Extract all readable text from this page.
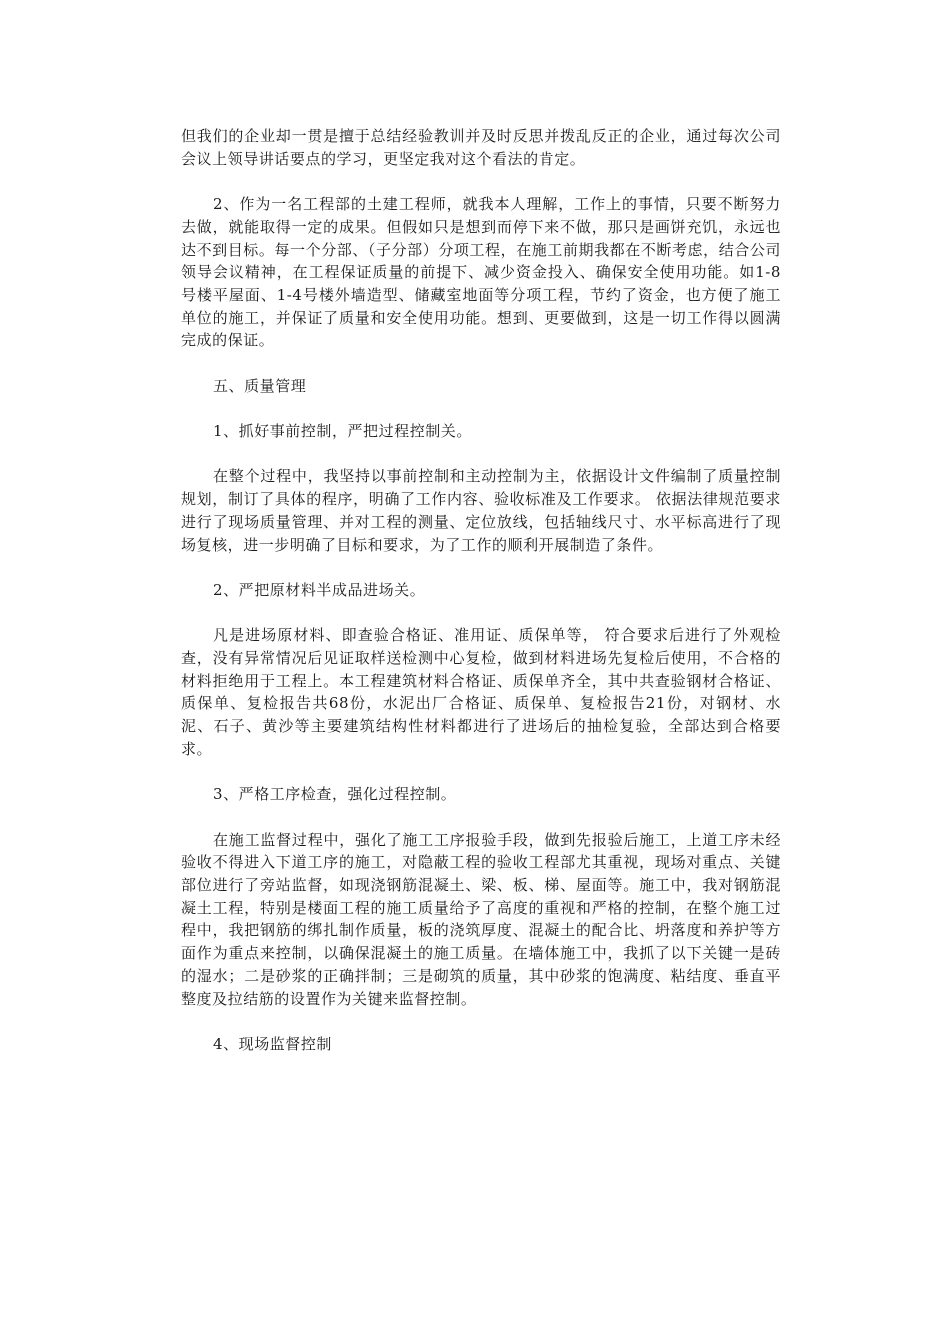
但我们的企业却一贯是擅于总结经验教训并及时反思并拨乱反正的企业，通过每次公司会议上领导讲话要点的学习，更坚定我对这个看法的肯定。

2、作为一名工程部的土建工程师，就我本人理解，工作上的事情，只要不断努力去做，就能取得一定的成果。但假如只是想到而停下来不做，那只是画饼充饥，永远也达不到目标。每一个分部、（子分部）分项工程，在施工前期我都在不断考虑，结合公司领导会议精神，在工程保证质量的前提下、减少资金投入、确保安全使用功能。如1-8号楼平屋面、1-4号楼外墙造型、储藏室地面等分项工程，节约了资金，也方便了施工单位的施工，并保证了质量和安全使用功能。想到、更要做到，这是一切工作得以圆满完成的保证。

五、质量管理

1、抓好事前控制，严把过程控制关。

在整个过程中，我坚持以事前控制和主动控制为主，依据设计文件编制了质量控制规划，制订了具体的程序，明确了工作内容、验收标准及工作要求。 依据法律规范要求进行了现场质量管理、并对工程的测量、定位放线，包括轴线尺寸、水平标高进行了现场复核，进一步明确了目标和要求，为了工作的顺利开展制造了条件。

2、严把原材料半成品进场关。

凡是进场原材料、即查验合格证、准用证、质保单等， 符合要求后进行了外观检查，没有异常情况后见证取样送检测中心复检，做到材料进场先复检后使用，不合格的材料拒绝用于工程上。本工程建筑材料合格证、质保单齐全，其中共查验钢材合格证、质保单、复检报告共68份，水泥出厂合格证、质保单、复检报告21份，对钢材、水泥、石子、黄沙等主要建筑结构性材料都进行了进场后的抽检复验，全部达到合格要求。

3、严格工序检查，强化过程控制。

在施工监督过程中，强化了施工工序报验手段，做到先报验后施工，上道工序未经验收不得进入下道工序的施工，对隐蔽工程的验收工程部尤其重视，现场对重点、关键部位进行了旁站监督，如现浇钢筋混凝土、梁、板、梯、屋面等。施工中，我对钢筋混凝土工程，特别是楼面工程的施工质量给予了高度的重视和严格的控制，在整个施工过程中，我把钢筋的绑扎制作质量，板的浇筑厚度、混凝土的配合比、坍落度和养护等方面作为重点来控制，以确保混凝土的施工质量。在墙体施工中，我抓了以下关键一是砖的湿水；二是砂浆的正确拌制；三是砌筑的质量，其中砂浆的饱满度、粘结度、垂直平整度及拉结筋的设置作为关键来监督控制。

4、现场监督控制
